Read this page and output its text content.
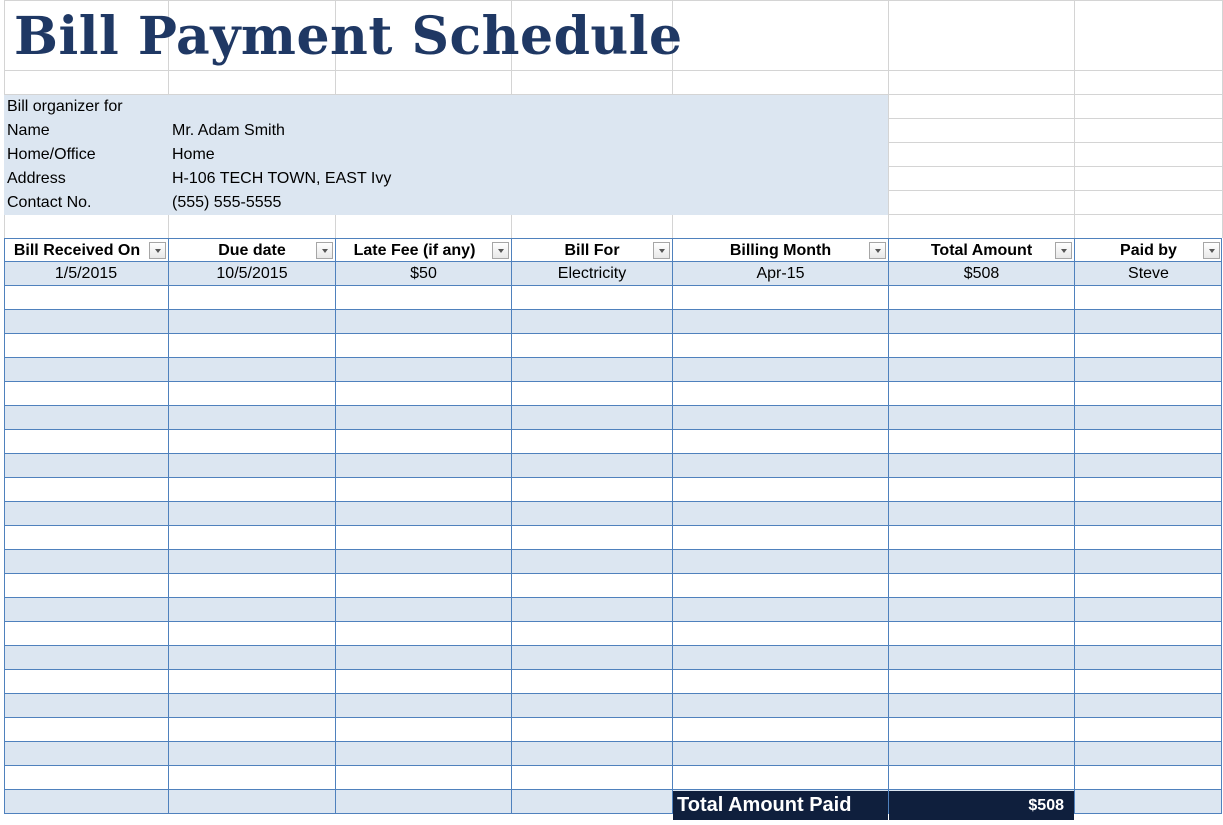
Bill Payment Schedule
Bill organizer for
Name	Mr. Adam Smith
Home/Office	Home
Address	H-106 TECH TOWN, EAST Ivy
Contact No.	(555) 555-5555
Bill Received On	Due date	Late Fee (if any)	Bill For	Billing Month	Total Amount	Paid by
1/5/2015	10/5/2015	$50	Electricity	Apr-15	$508	Steve
Total Amount Paid	$508
